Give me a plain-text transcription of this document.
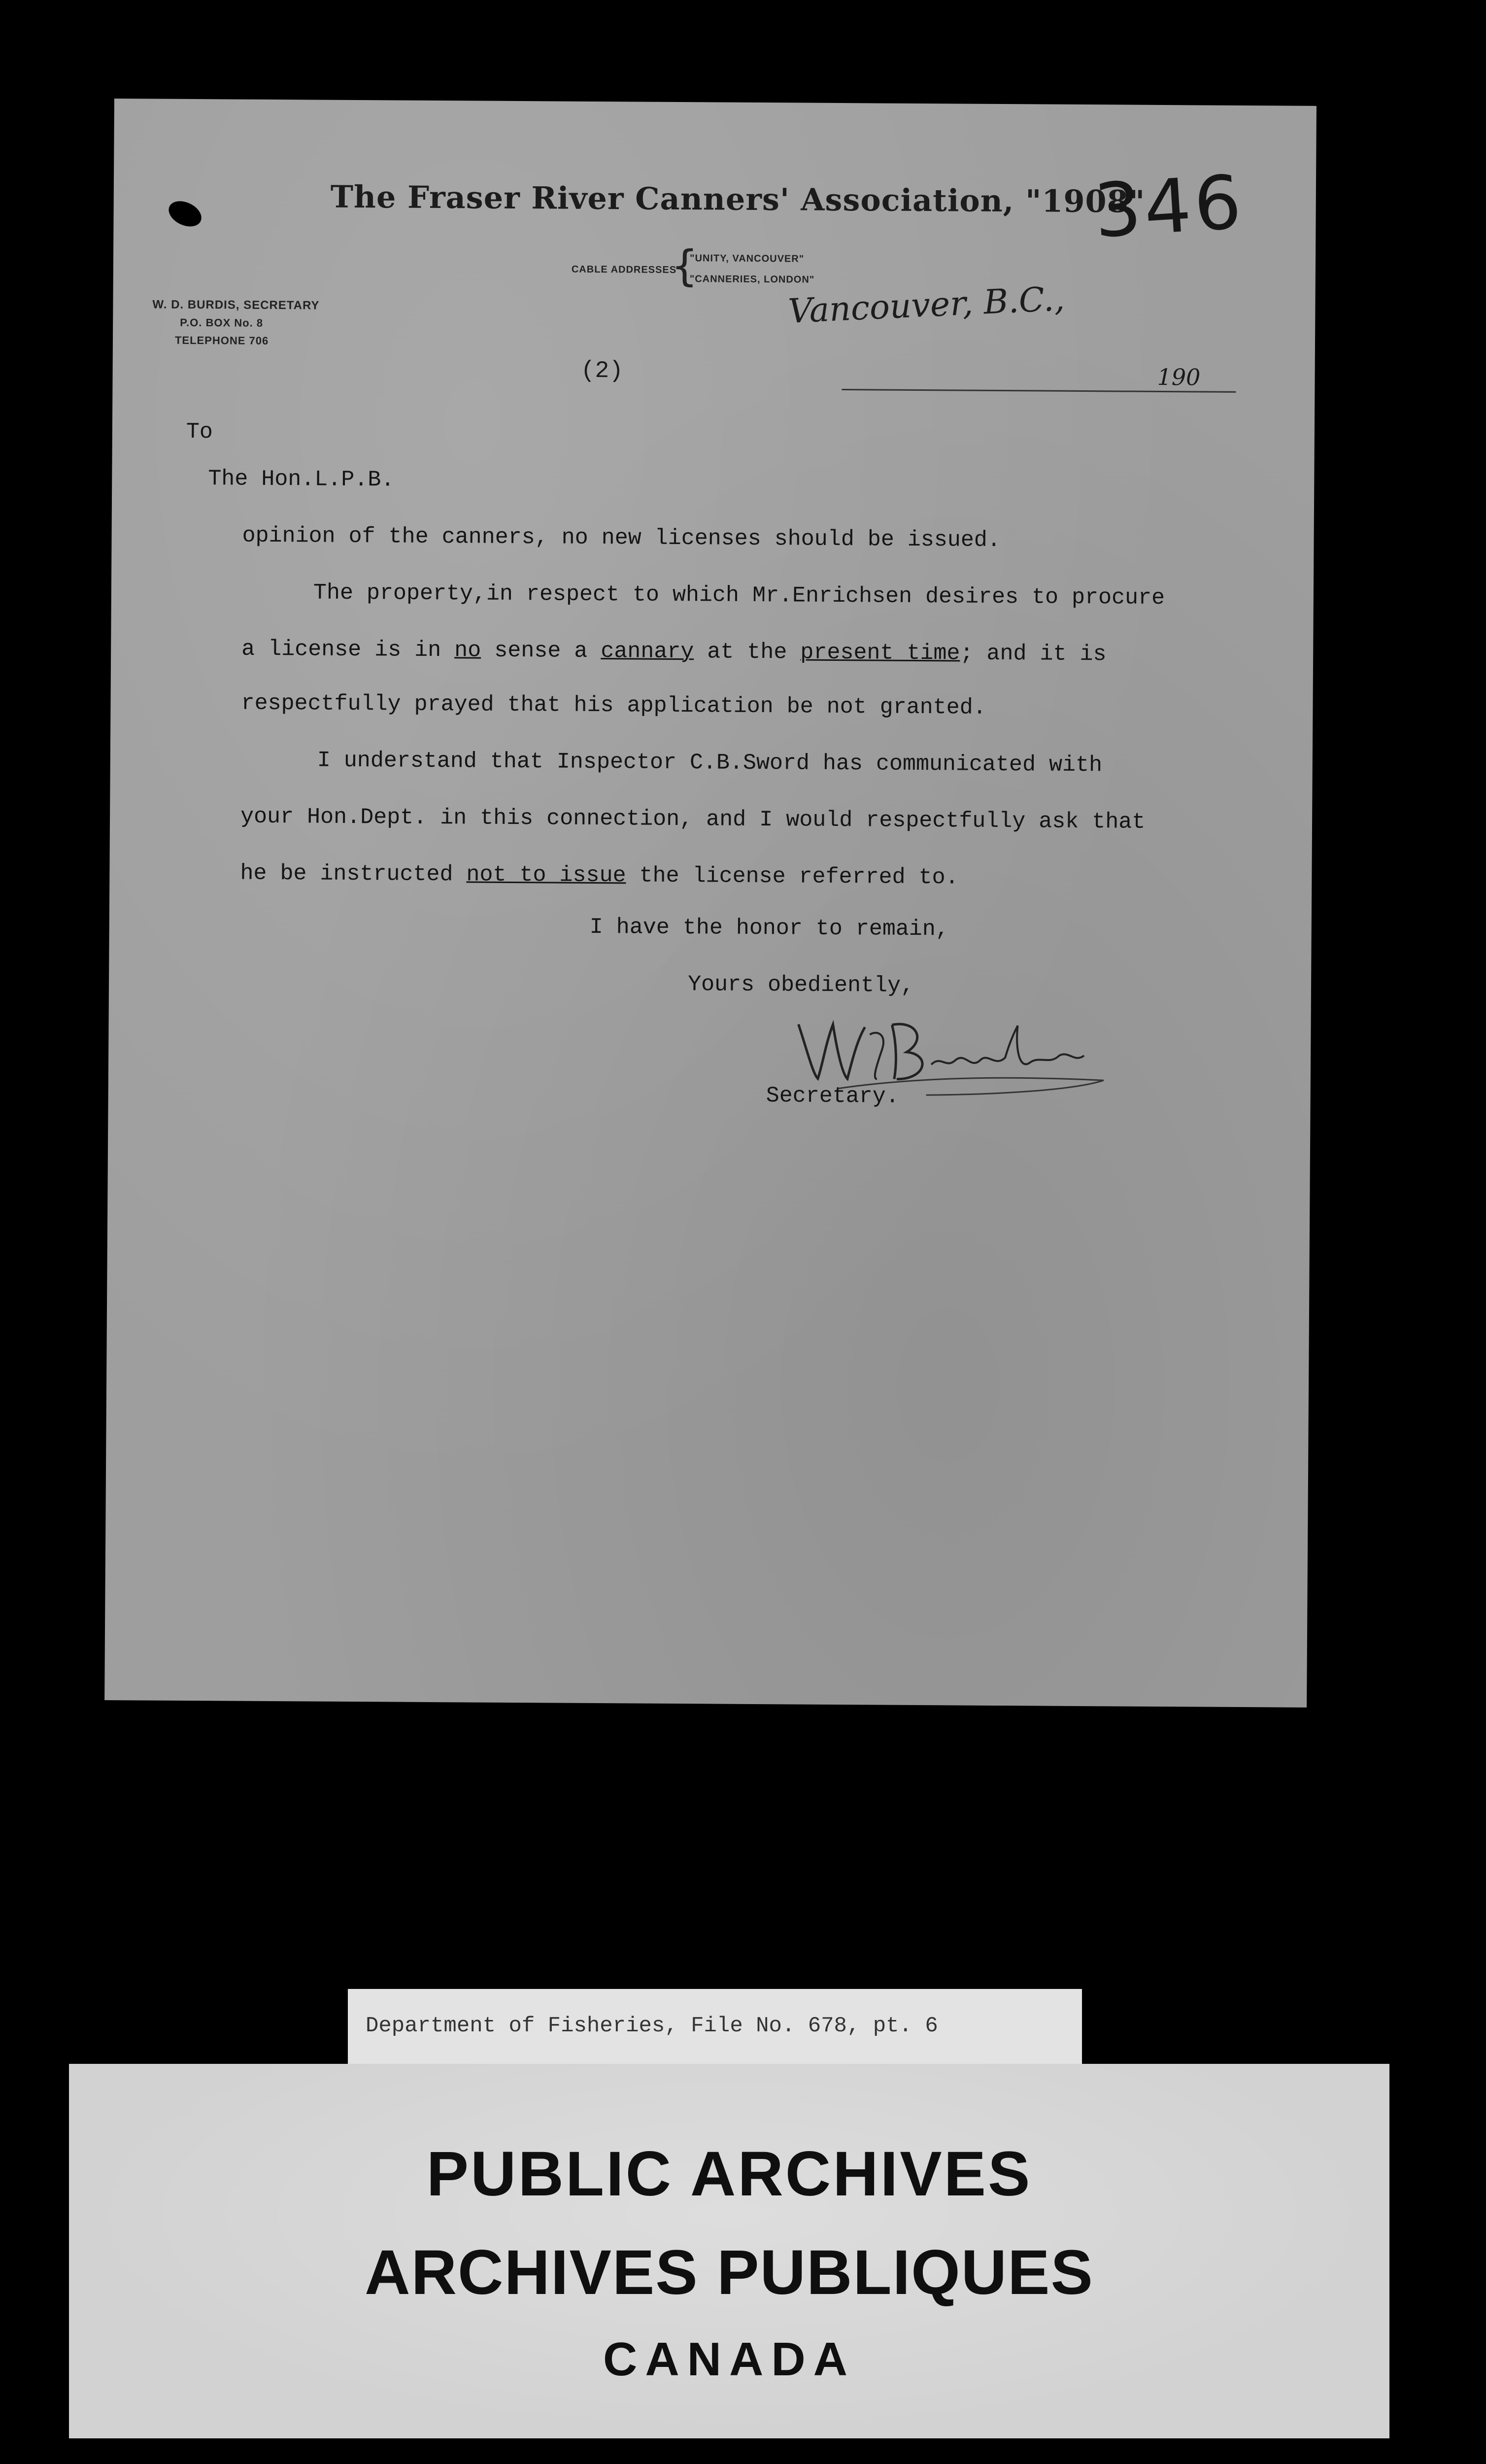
The Fraser River Canners' Association, "1908"
346
CABLE ADDRESSES
{
"UNITY, VANCOUVER"
"CANNERIES, LONDON"
W. D. BURDIS, SECRETARY
P.O. BOX No. 8
TELEPHONE 706
Vancouver, B.C.,
(2)	190
To
The Hon.L.P.B.
opinion of the canners, no new licenses should be issued.
The property,in respect to which Mr.Enrichsen desires to procure
a license is in no sense a cannary at the present time; and it is
respectfully prayed that his application be not granted.
I understand that Inspector C.B.Sword has communicated with
your Hon.Dept. in this connection, and I would respectfully ask that
he be instructed not to issue the license referred to.
I have the honor to remain,
Yours obediently,
Secretary.
Department of Fisheries, File No. 678, pt. 6
PUBLIC ARCHIVES
ARCHIVES PUBLIQUES
CANADA
